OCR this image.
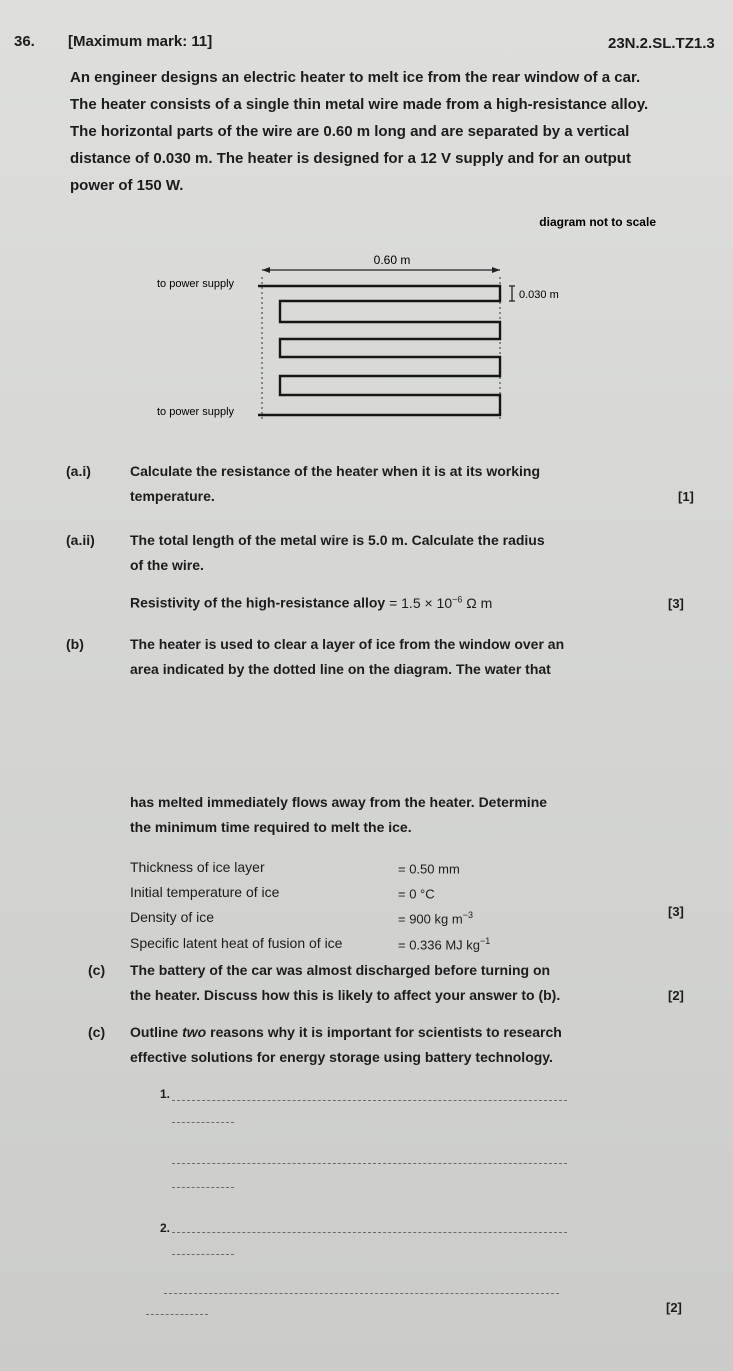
36. [Maximum mark: 11]	23N.2.SL.TZ1.3
An engineer designs an electric heater to melt ice from the rear window of a car.
The heater consists of a single thin metal wire made from a high-resistance alloy.
The horizontal parts of the wire are 0.60 m long and are separated by a vertical
distance of 0.030 m. The heater is designed for a 12 V supply and for an output
power of 150 W.
diagram not to scale
0.60 m
0.030 m
to power supply
to power supply
(a.i)	Calculate the resistance of the heater when it is at its working
temperature.	[1]
(a.ii)	The total length of the metal wire is 5.0 m. Calculate the radius
of the wire.
Resistivity of the high-resistance alloy = $1.5 \times 10^{-6}$ Ω m	[3]
(b)	The heater is used to clear a layer of ice from the window over an
area indicated by the dotted line on the diagram. The water that
has melted immediately flows away from the heater. Determine
the minimum time required to melt the ice.
Thickness of ice layer	= 0.50 mm
Initial temperature of ice	= 0 °C
Density of ice	= 900 kg $m^{-3}$	[3]
Specific latent heat of fusion of ice	= 0.336 MJ $kg^{-1}$
(c) The battery of the car was almost discharged before turning on
the heater. Discuss how this is likely to affect your answer to (b).	[2]
(c) Outline two reasons why it is important for scientists to research
effective solutions for energy storage using battery technology.
1.
2.
[2]
